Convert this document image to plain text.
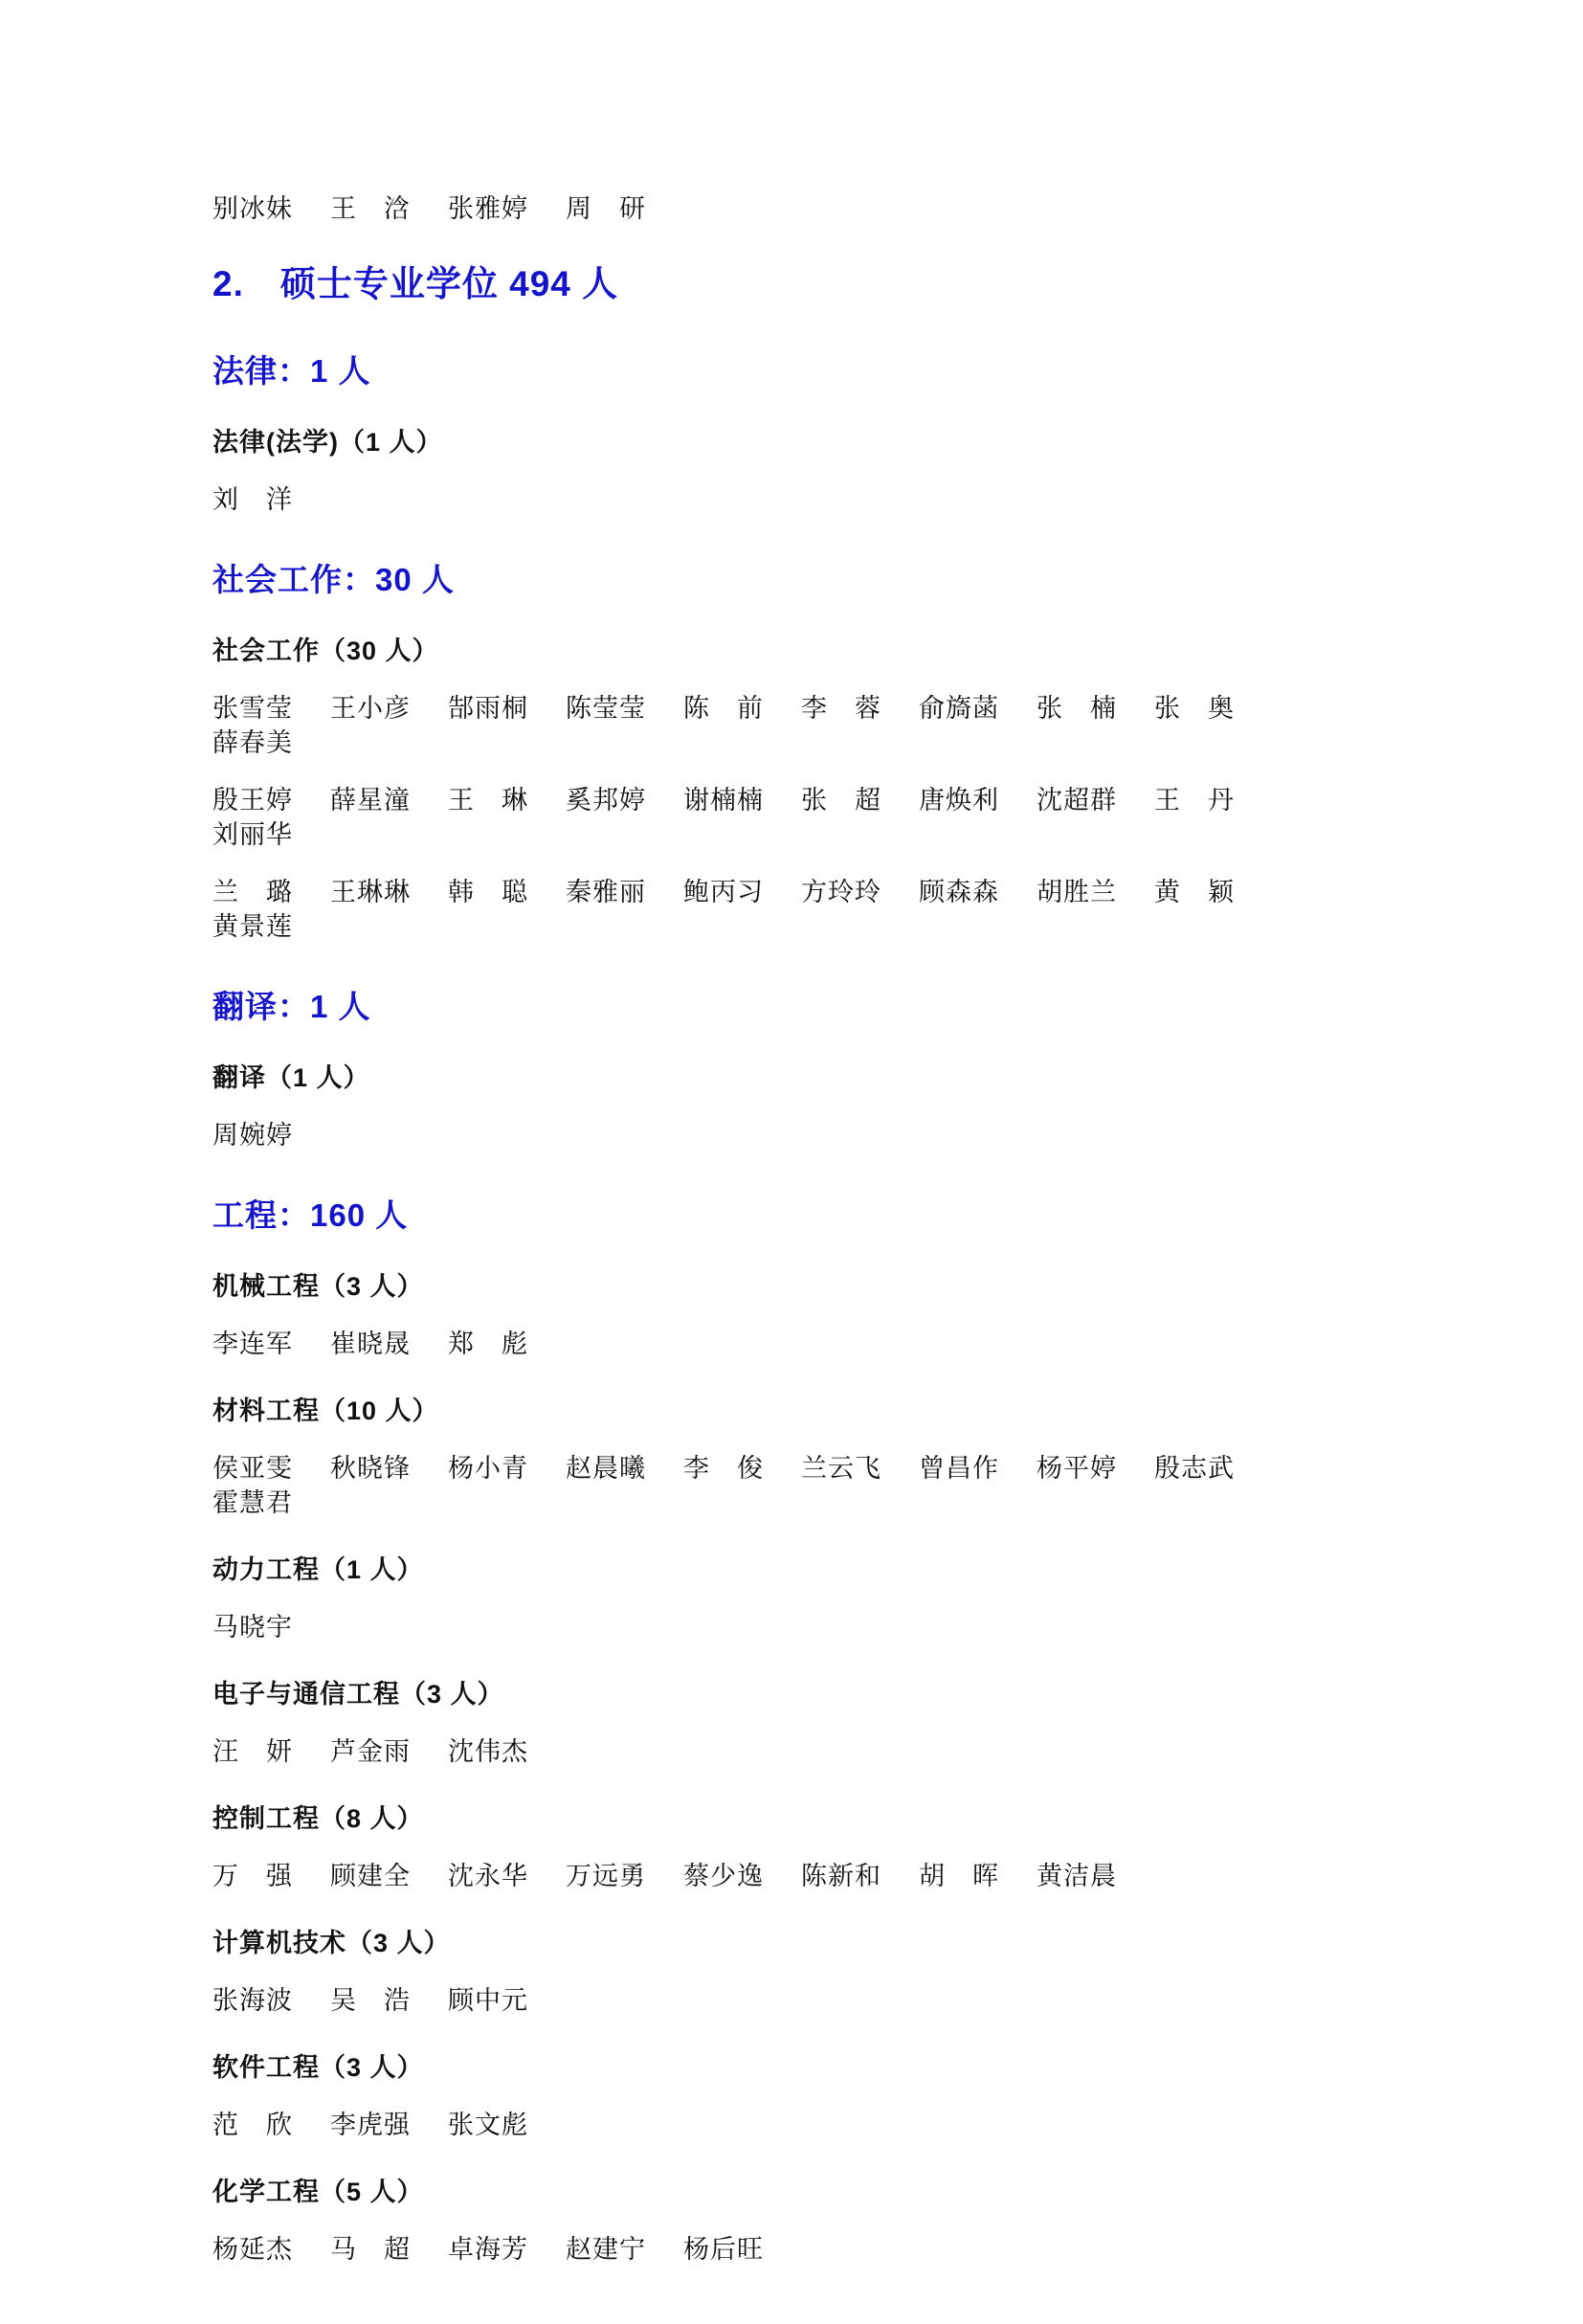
别冰妹 王　浛 张雅婷 周　研
2.　硕士专业学位 494 人
法律：1 人
法律(法学)（1 人）
刘　洋
社会工作：30 人
社会工作（30 人）
张雪莹 王小彦 郜雨桐 陈莹莹 陈　前 李　蓉 俞旖菡 张　楠 张　奥薛春美
殷王婷 薛星潼 王　琳 奚邦婷 谢楠楠 张　超 唐焕利 沈超群 王　丹刘丽华
兰　璐 王琳琳 韩　聪 秦雅丽 鲍丙习 方玲玲 顾森森 胡胜兰 黄　颖黄景莲
翻译：1 人
翻译（1 人）
周婉婷
工程：160 人
机械工程（3 人）
李连军 崔晓晟 郑　彪
材料工程（10 人）
侯亚雯 秋晓锋 杨小青 赵晨曦 李　俊 兰云飞 曾昌作 杨平婷 殷志武霍慧君
动力工程（1 人）
马晓宇
电子与通信工程（3 人）
汪　妍 芦金雨 沈伟杰
控制工程（8 人）
万　强 顾建全 沈永华 万远勇 蔡少逸 陈新和 胡　晖 黄洁晨
计算机技术（3 人）
张海波 吴　浩 顾中元
软件工程（3 人）
范　欣 李虎强 张文彪
化学工程（5 人）
杨延杰 马　超 卓海芳 赵建宁 杨后旺
